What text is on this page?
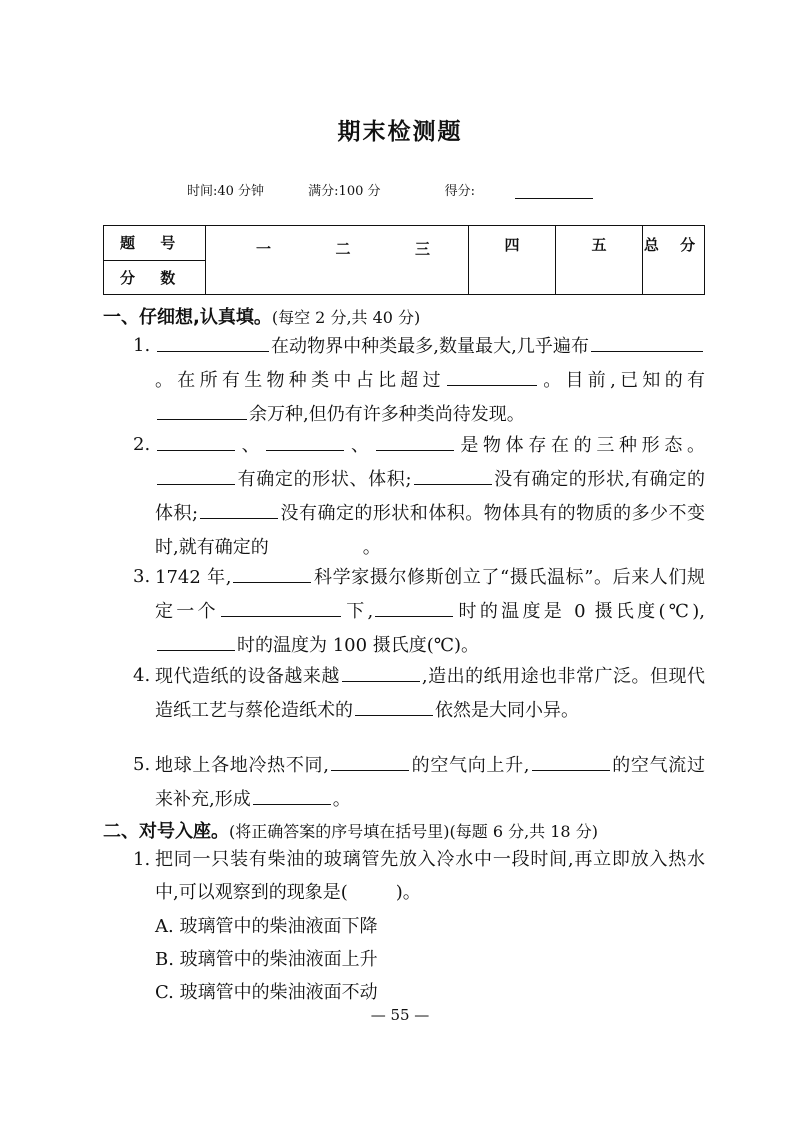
期末检测题
时间:40 分钟	满分:100 分	得分:
题 号	一	二	三	四	五	总 分
分 数
一、仔细想,认真填。(每空 2 分,共 40 分)
1.	在动物界中种类最多,数量最大,几乎遍布。在所有生物种类中占比超过	。目前,已知的有余万种,但仍有许多种类尚待发现。
2.	、	、	是物体存在的三种形态。有确定的形状、体积;	没有确定的形状,有确定的体积;	没有确定的形状和体积。物体具有的物质的多少不变时,就有确定的	。
3. 1742 年,	科学家摄尔修斯创立了“摄氏温标”。后来人们规定一个	下,	时的温度是 0 摄氏度(℃),时的温度为 100 摄氏度(℃)。
4. 现代造纸的设备越来越	,造出的纸用途也非常广泛。但现代造纸工艺与蔡伦造纸术的	依然是大同小异。
5. 地球上各地冷热不同,	的空气向上升,	的空气流过来补充,形成	。
二、对号入座。(将正确答案的序号填在括号里)(每题 6 分,共 18 分)
1. 把同一只装有柴油的玻璃管先放入冷水中一段时间,再立即放入热水中,可以观察到的现象是(	)。
A. 玻璃管中的柴油液面下降
B. 玻璃管中的柴油液面上升
C. 玻璃管中的柴油液面不动
— 55 —
